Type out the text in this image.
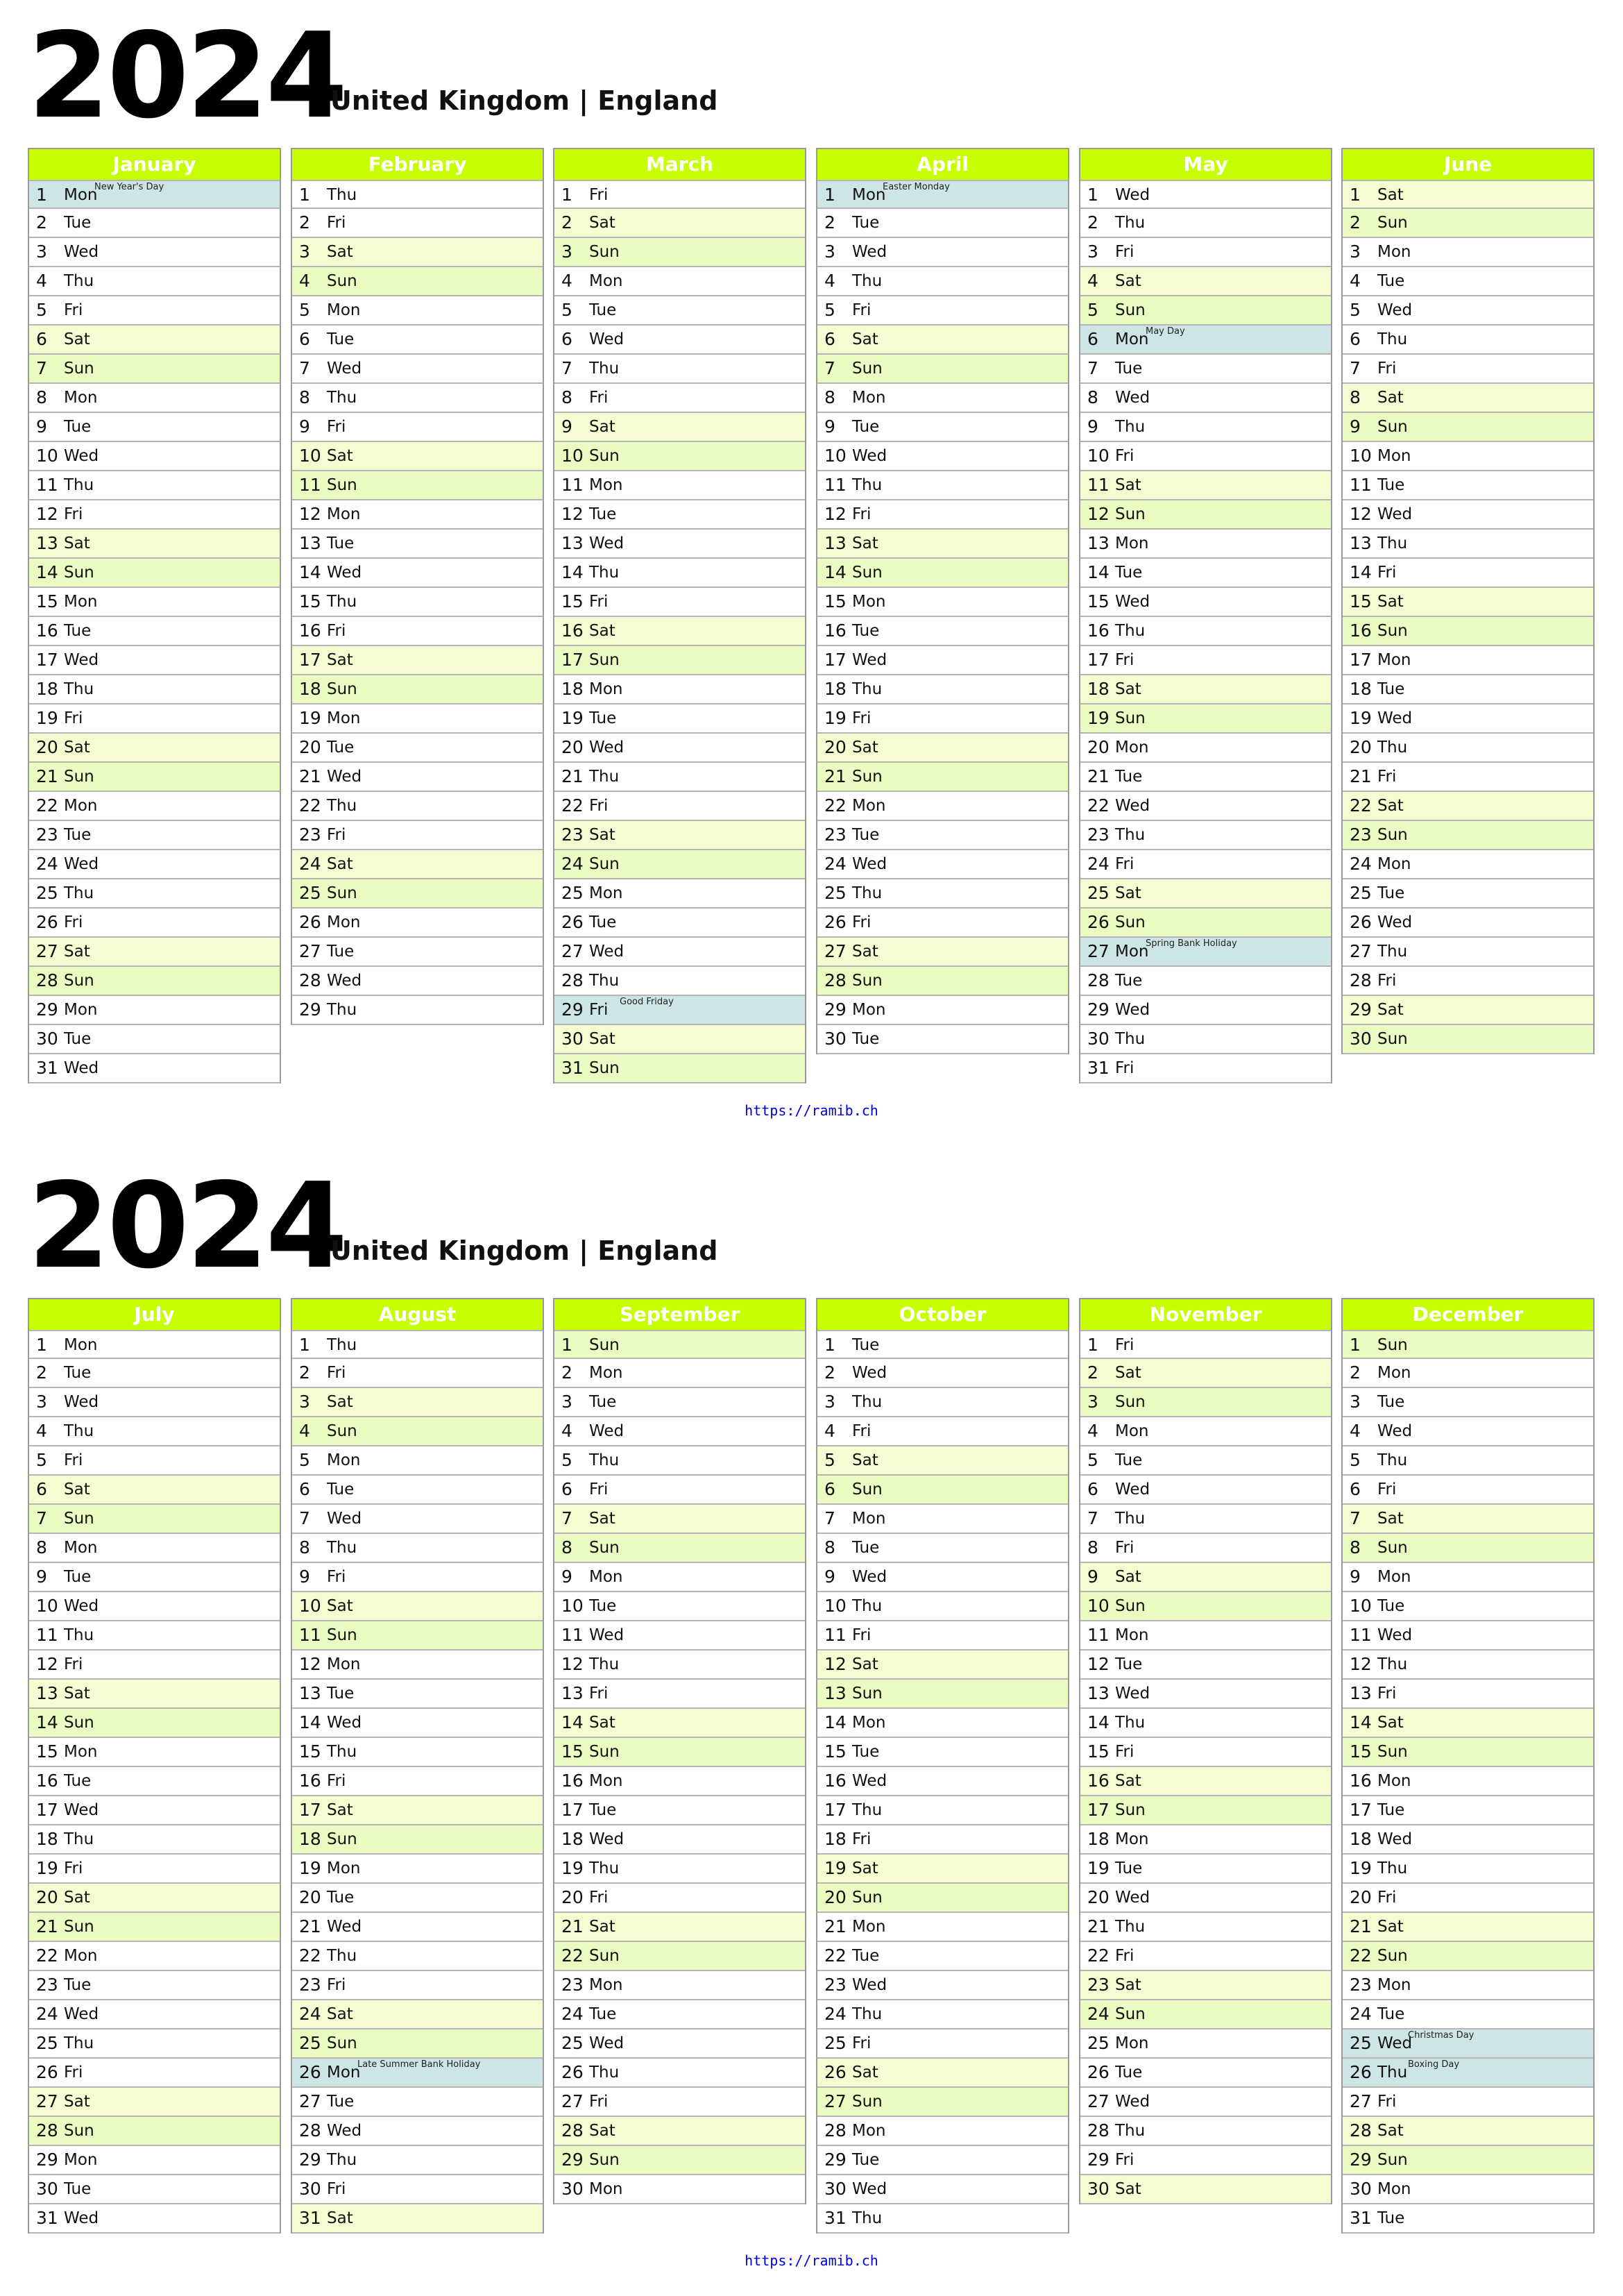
2024
United Kingdom | England
January
1 Mon
New Year's Day
2 Tue
3 Wed
4 Thu
5 Fri
6 Sat
7 Sun
8 Mon
9 Tue
10 Wed
11 Thu
12 Fri
13 Sat
14 Sun
15 Mon
16 Tue
17 Wed
18 Thu
19 Fri
20 Sat
21 Sun
22 Mon
23 Tue
24 Wed
25 Thu
26 Fri
27 Sat
28 Sun
29 Mon
30 Tue
31 Wed
February
1 Thu
2 Fri
3 Sat
4 Sun
5 Mon
6 Tue
7 Wed
8 Thu
9 Fri
10 Sat
11 Sun
12 Mon
13 Tue
14 Wed
15 Thu
16 Fri
17 Sat
18 Sun
19 Mon
20 Tue
21 Wed
22 Thu
23 Fri
24 Sat
25 Sun
26 Mon
27 Tue
28 Wed
29 Thu
March
1 Fri
2 Sat
3 Sun
4 Mon
5 Tue
6 Wed
7 Thu
8 Fri
9 Sat
10 Sun
11 Mon
12 Tue
13 Wed
14 Thu
15 Fri
16 Sat
17 Sun
18 Mon
19 Tue
20 Wed
21 Thu
22 Fri
23 Sat
24 Sun
25 Mon
26 Tue
27 Wed
28 Thu
29 Fri Good Friday
30 Sat
31 Sun
April
1 Mon
Easter Monday
2 Tue
3 Wed
4 Thu
5 Fri
6 Sat
7 Sun
8 Mon
9 Tue
10 Wed
11 Thu
12 Fri
13 Sat
14 Sun
15 Mon
16 Tue
17 Wed
18 Thu
19 Fri
20 Sat
21 Sun
22 Mon
23 Tue
24 Wed
25 Thu
26 Fri
27 Sat
28 Sun
29 Mon
30 Tue
May
1 Wed
2 Thu
3 Fri
4 Sat
5 Sun
6 Mon
May Day
7 Tue
8 Wed
9 Thu
10 Fri
11 Sat
12 Sun
13 Mon
14 Tue
15 Wed
16 Thu
17 Fri
18 Sat
19 Sun
20 Mon
21 Tue
22 Wed
23 Thu
24 Fri
25 Sat
26 Sun
27 Mon
Spring Bank Holiday
28 Tue
29 Wed
30 Thu
31 Fri
June
1 Sat
2 Sun
3 Mon
4 Tue
5 Wed
6 Thu
7 Fri
8 Sat
9 Sun
10 Mon
11 Tue
12 Wed
13 Thu
14 Fri
15 Sat
16 Sun
17 Mon
18 Tue
19 Wed
20 Thu
21 Fri
22 Sat
23 Sun
24 Mon
25 Tue
26 Wed
27 Thu
28 Fri
29 Sat
30 Sun
https://ramib.ch
2024
United Kingdom | England
July
1 Mon
2 Tue
3 Wed
4 Thu
5 Fri
6 Sat
7 Sun
8 Mon
9 Tue
10 Wed
11 Thu
12 Fri
13 Sat
14 Sun
15 Mon
16 Tue
17 Wed
18 Thu
19 Fri
20 Sat
21 Sun
22 Mon
23 Tue
24 Wed
25 Thu
26 Fri
27 Sat
28 Sun
29 Mon
30 Tue
31 Wed
August
1 Thu
2 Fri
3 Sat
4 Sun
5 Mon
6 Tue
7 Wed
8 Thu
9 Fri
10 Sat
11 Sun
12 Mon
13 Tue
14 Wed
15 Thu
16 Fri
17 Sat
18 Sun
19 Mon
20 Tue
21 Wed
22 Thu
23 Fri
24 Sat
25 Sun
26 Mon
Late Summer Bank Holiday
27 Tue
28 Wed
29 Thu
30 Fri
31 Sat
September
1 Sun
2 Mon
3 Tue
4 Wed
5 Thu
6 Fri
7 Sat
8 Sun
9 Mon
10 Tue
11 Wed
12 Thu
13 Fri
14 Sat
15 Sun
16 Mon
17 Tue
18 Wed
19 Thu
20 Fri
21 Sat
22 Sun
23 Mon
24 Tue
25 Wed
26 Thu
27 Fri
28 Sat
29 Sun
30 Mon
October
1 Tue
2 Wed
3 Thu
4 Fri
5 Sat
6 Sun
7 Mon
8 Tue
9 Wed
10 Thu
11 Fri
12 Sat
13 Sun
14 Mon
15 Tue
16 Wed
17 Thu
18 Fri
19 Sat
20 Sun
21 Mon
22 Tue
23 Wed
24 Thu
25 Fri
26 Sat
27 Sun
28 Mon
29 Tue
30 Wed
31 Thu
November
1 Fri
2 Sat
3 Sun
4 Mon
5 Tue
6 Wed
7 Thu
8 Fri
9 Sat
10 Sun
11 Mon
12 Tue
13 Wed
14 Thu
15 Fri
16 Sat
17 Sun
18 Mon
19 Tue
20 Wed
21 Thu
22 Fri
23 Sat
24 Sun
25 Mon
26 Tue
27 Wed
28 Thu
29 Fri
30 Sat
December
1 Sun
2 Mon
3 Tue
4 Wed
5 Thu
6 Fri
7 Sat
8 Sun
9 Mon
10 Tue
11 Wed
12 Thu
13 Fri
14 Sat
15 Sun
16 Mon
17 Tue
18 Wed
19 Thu
20 Fri
21 Sat
22 Sun
23 Mon
24 Tue
25 Wed
Christmas Day
26 Thu Boxing Day
27 Fri
28 Sat
29 Sun
30 Mon
31 Tue
https://ramib.ch
